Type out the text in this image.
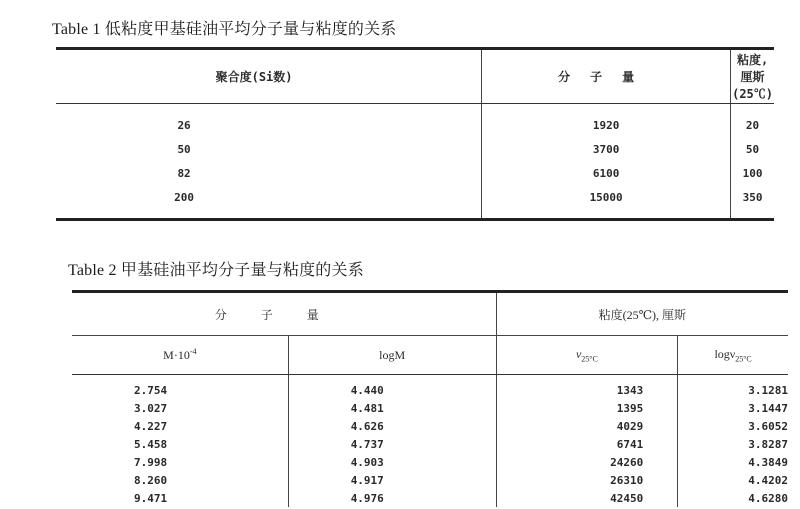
Table 1 低粘度甲基硅油平均分子量与粘度的关系
聚合度(Si数)	分子量	粘度,厘斯(25℃)
26	1920	20
50	3700	50
82	6100	100
200	15000	350
Table 2 甲基硅油平均分子量与粘度的关系
分子量		粘度(25℃), 厘斯	
$M\cdot 10^{-4}$	logM	$\nu_{25^\circ C}$	logν$_{25^\circ C}$
2.754	4.440	1343	3.1281
3.027	4.481	1395	3.1447
4.227	4.626	4029	3.6052
5.458	4.737	6741	3.8287
7.998	4.903	24260	4.3849
8.260	4.917	26310	4.4202
9.471	4.976	42450	4.6280
